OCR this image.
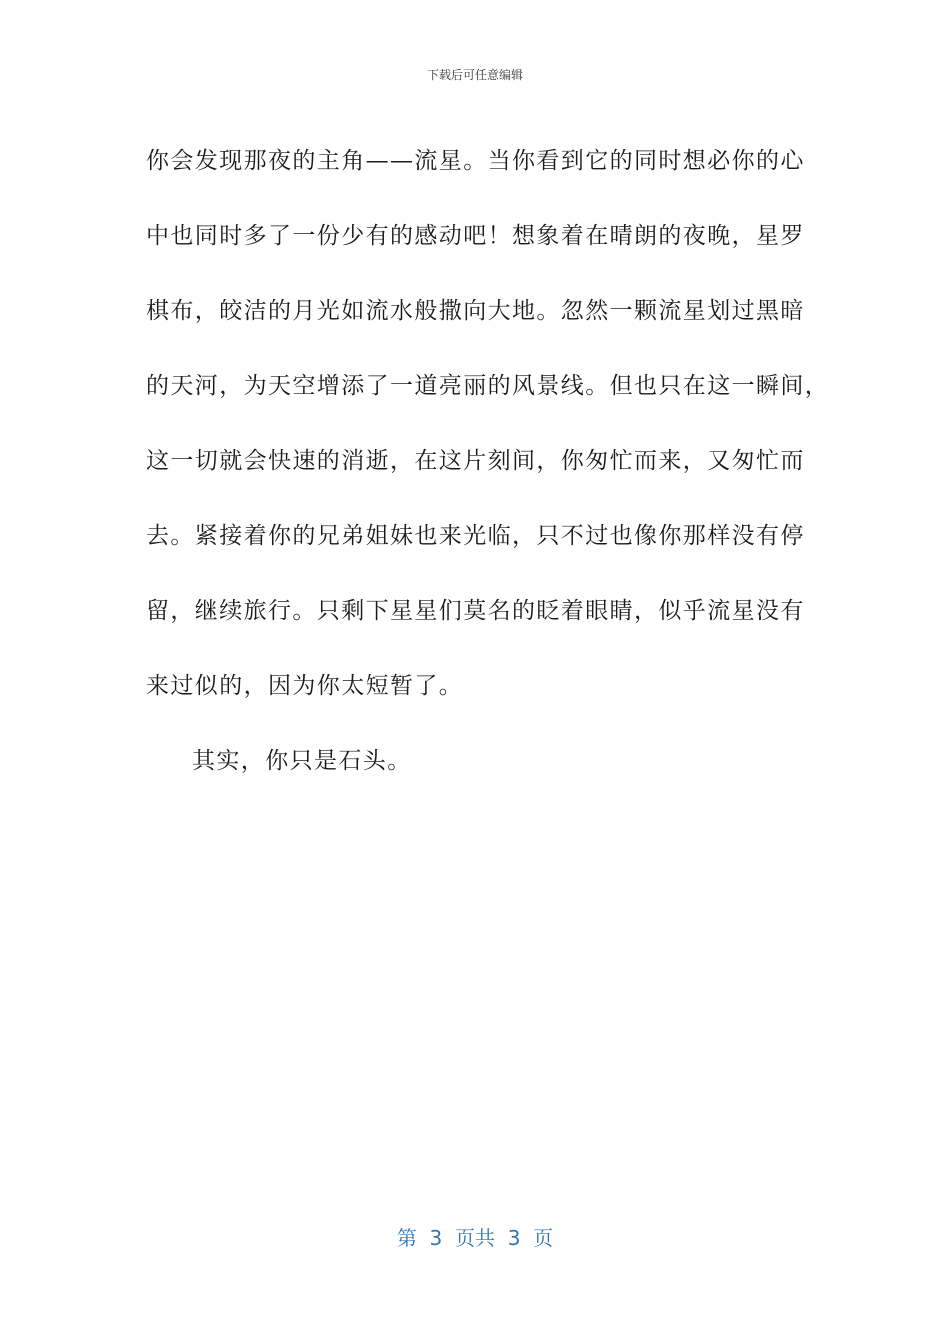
下载后可任意编辑
你会发现那夜的主角——流星。当你看到它的同时想必你的心
中也同时多了一份少有的感动吧！想象着在晴朗的夜晚，星罗
棋布，皎洁的月光如流水般撒向大地。忽然一颗流星划过黑暗
的天河，为天空增添了一道亮丽的风景线。但也只在这一瞬间，
这一切就会快速的消逝，在这片刻间，你匆忙而来，又匆忙而
去。紧接着你的兄弟姐妹也来光临，只不过也像你那样没有停
留，继续旅行。只剩下星星们莫名的眨着眼睛，似乎流星没有
来过似的，因为你太短暂了。
其实，你只是石头。
第  3  页共  3  页
